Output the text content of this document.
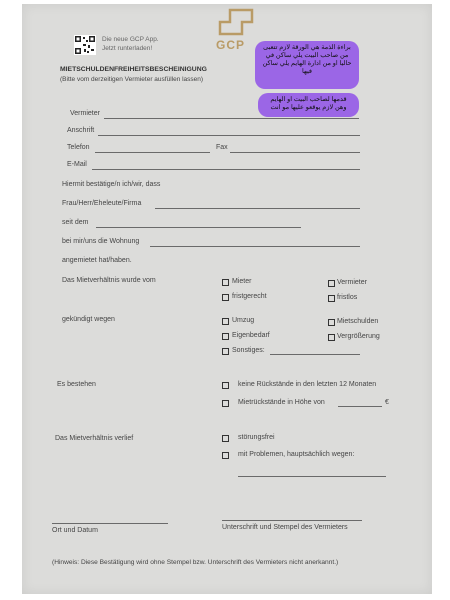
Die neue GCP App.
Jetzt runterladen!	GCP	براءة الذمة هي الورقة لازم تتعبى من صاحب البيت يلي ساكن في حاليا او من ادارة الهايم يلي ساكن فيها
قدمها لصاحب البيت او الهايم وهن لازم يوقعو عليها مو انت
MIETSCHULDENFREIHEITSBESCHEINIGUNG
(Bitte vom derzeitigen Vermieter ausfüllen lassen)
Vermieter
Anschrift
Telefon	Fax
E-Mail
Hiermit bestätige/n ich/wir, dass
Frau/Herr/Eheleute/Firma
seit dem
bei mir/uns die Wohnung
angemietet hat/haben.
Das Mietverhältnis wurde vom	Mieter	Vermieter
fristgerecht	fristlos
gekündigt wegen	Umzug	Mietschulden
Eigenbedarf	Vergrößerung
Sonstiges:
Es bestehen	keine Rückstände in den letzten 12 Monaten
Mietrückstände in Höhe von	€
Das Mietverhältnis verlief	störungsfrei
mit Problemen, hauptsächlich wegen:
Ort und Datum	Unterschrift und Stempel des Vermieters
(Hinweis: Diese Bestätigung wird ohne Stempel bzw. Unterschrift des Vermieters nicht anerkannt.)
